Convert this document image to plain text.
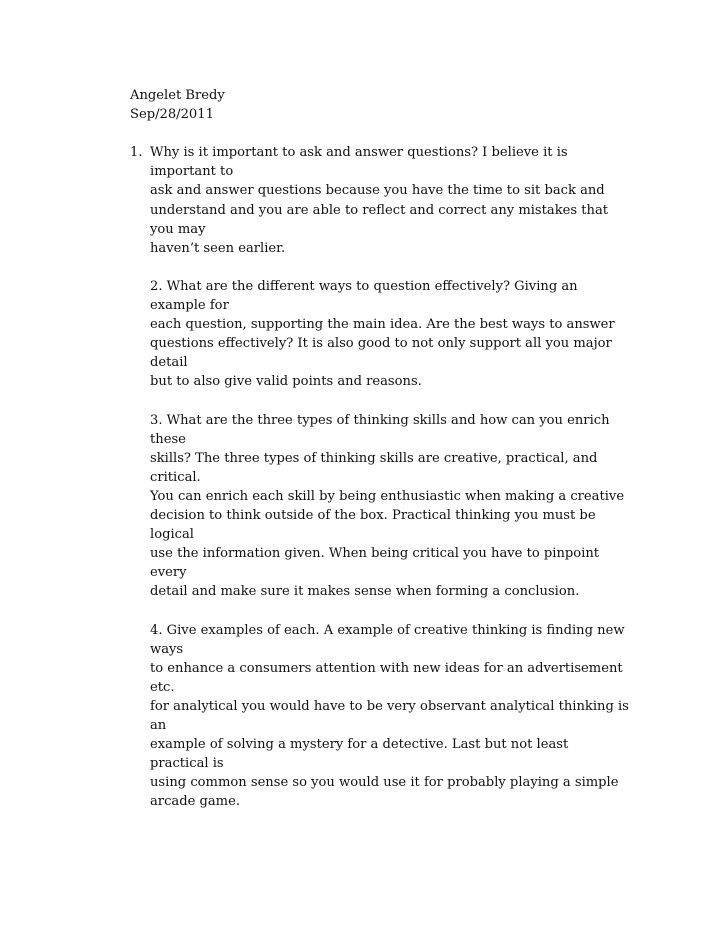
Angelet Bredy
Sep/28/2011
1. Why is it important to ask and answer questions? I believe it is important to
ask and answer questions because you have the time to sit back and
understand and you are able to reflect and correct any mistakes that you may
haven’t seen earlier.
2. What are the different ways to question effectively? Giving an example for
each question, supporting the main idea. Are the best ways to answer
questions effectively? It is also good to not only support all you major detail
but to also give valid points and reasons.
3. What are the three types of thinking skills and how can you enrich these
skills? The three types of thinking skills are creative, practical, and critical.
You can enrich each skill by being enthusiastic when making a creative
decision to think outside of the box. Practical thinking you must be logical
use the information given. When being critical you have to pinpoint every
detail and make sure it makes sense when forming a conclusion.
4. Give examples of each. A example of creative thinking is finding new ways
to enhance a consumers attention with new ideas for an advertisement etc.
for analytical you would have to be very observant analytical thinking is an
example of solving a mystery for a detective. Last but not least practical is
using common sense so you would use it for probably playing a simple
arcade game.
